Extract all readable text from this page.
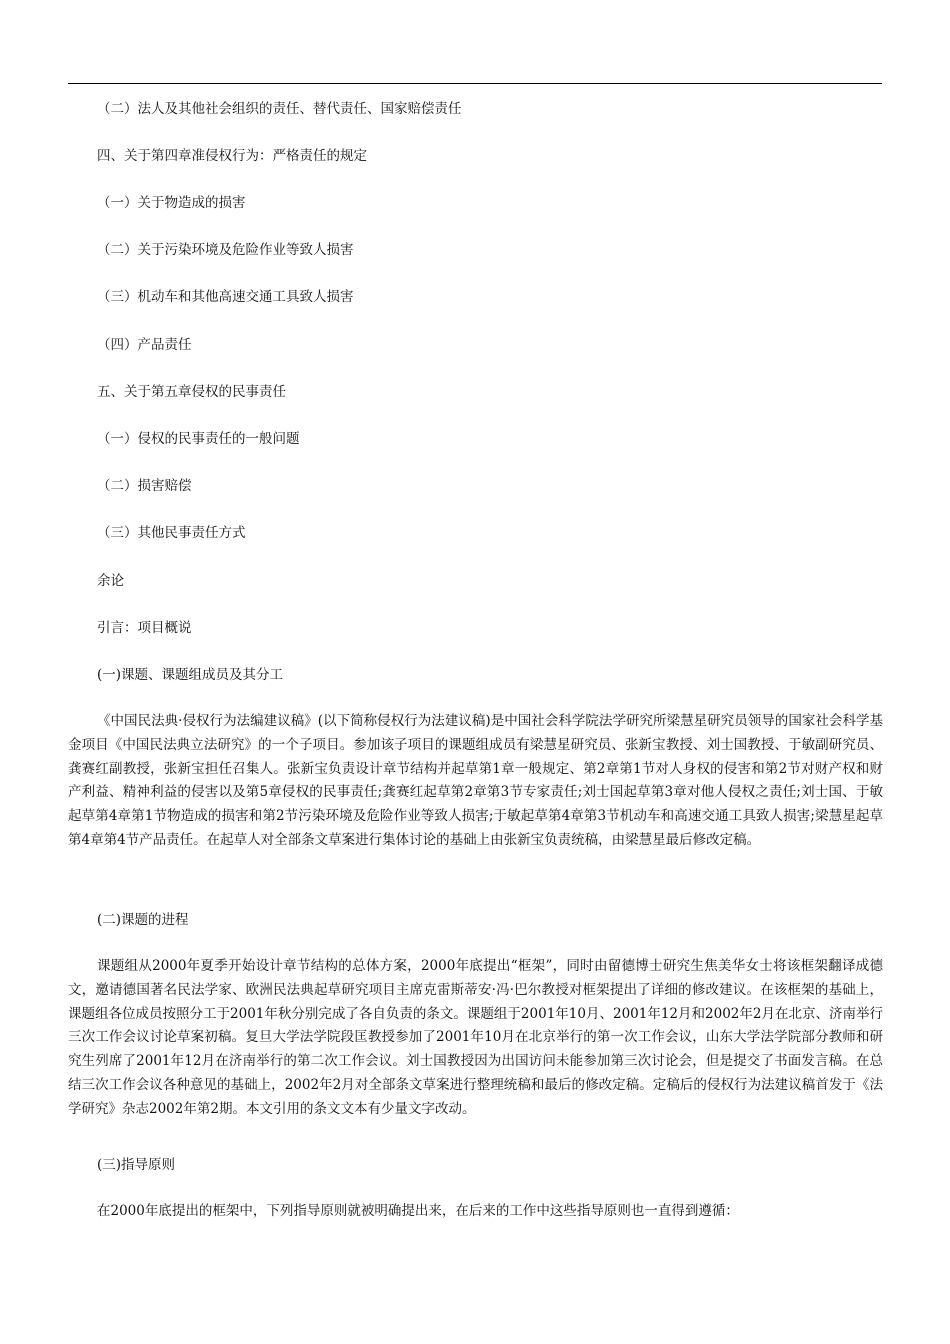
（二）法人及其他社会组织的责任、替代责任、国家赔偿责任
四、关于第四章准侵权行为：严格责任的规定
（一）关于物造成的损害
（二）关于污染环境及危险作业等致人损害
（三）机动车和其他高速交通工具致人损害
（四）产品责任
五、关于第五章侵权的民事责任
（一）侵权的民事责任的一般问题
（二）损害赔偿
（三）其他民事责任方式
余论
引言：项目概说
(一)课题、课题组成员及其分工

《中国民法典·侵权行为法编建议稿》(以下简称侵权行为法建议稿)是中国社会科学院法学研究所梁慧星研究员领导的国家社会科学基金项目《中国民法典立法研究》的一个子项目。参加该子项目的课题组成员有梁慧星研究员、张新宝教授、刘士国教授、于敏副研究员、龚赛红副教授，张新宝担任召集人。张新宝负责设计章节结构并起草第1章一般规定、第2章第1节对人身权的侵害和第2节对财产权和财产利益、精神利益的侵害以及第5章侵权的民事责任;龚赛红起草第2章第3节专家责任;刘士国起草第3章对他人侵权之责任;刘士国、于敏起草第4章第1节物造成的损害和第2节污染环境及危险作业等致人损害;于敏起草第4章第3节机动车和高速交通工具致人损害;梁慧星起草第4章第4节产品责任。在起草人对全部条文草案进行集体讨论的基础上由张新宝负责统稿，由梁慧星最后修改定稿。

(二)课题的进程

课题组从2000年夏季开始设计章节结构的总体方案，2000年底提出“框架”，同时由留德博士研究生焦美华女士将该框架翻译成德文，邀请德国著名民法学家、欧洲民法典起草研究项目主席克雷斯蒂安·冯·巴尔教授对框架提出了详细的修改建议。在该框架的基础上，课题组各位成员按照分工于2001年秋分别完成了各自负责的条文。课题组于2001年10月、2001年12月和2002年2月在北京、济南举行三次工作会议讨论草案初稿。复旦大学法学院段匡教授参加了2001年10月在北京举行的第一次工作会议，山东大学法学院部分教师和研究生列席了2001年12月在济南举行的第二次工作会议。刘士国教授因为出国访问未能参加第三次讨论会，但是提交了书面发言稿。在总结三次工作会议各种意见的基础上，2002年2月对全部条文草案进行整理统稿和最后的修改定稿。定稿后的侵权行为法建议稿首发于《法学研究》杂志2002年第2期。本文引用的条文文本有少量文字改动。

(三)指导原则

在2000年底提出的框架中，下列指导原则就被明确提出来，在后来的工作中这些指导原则也一直得到遵循：
